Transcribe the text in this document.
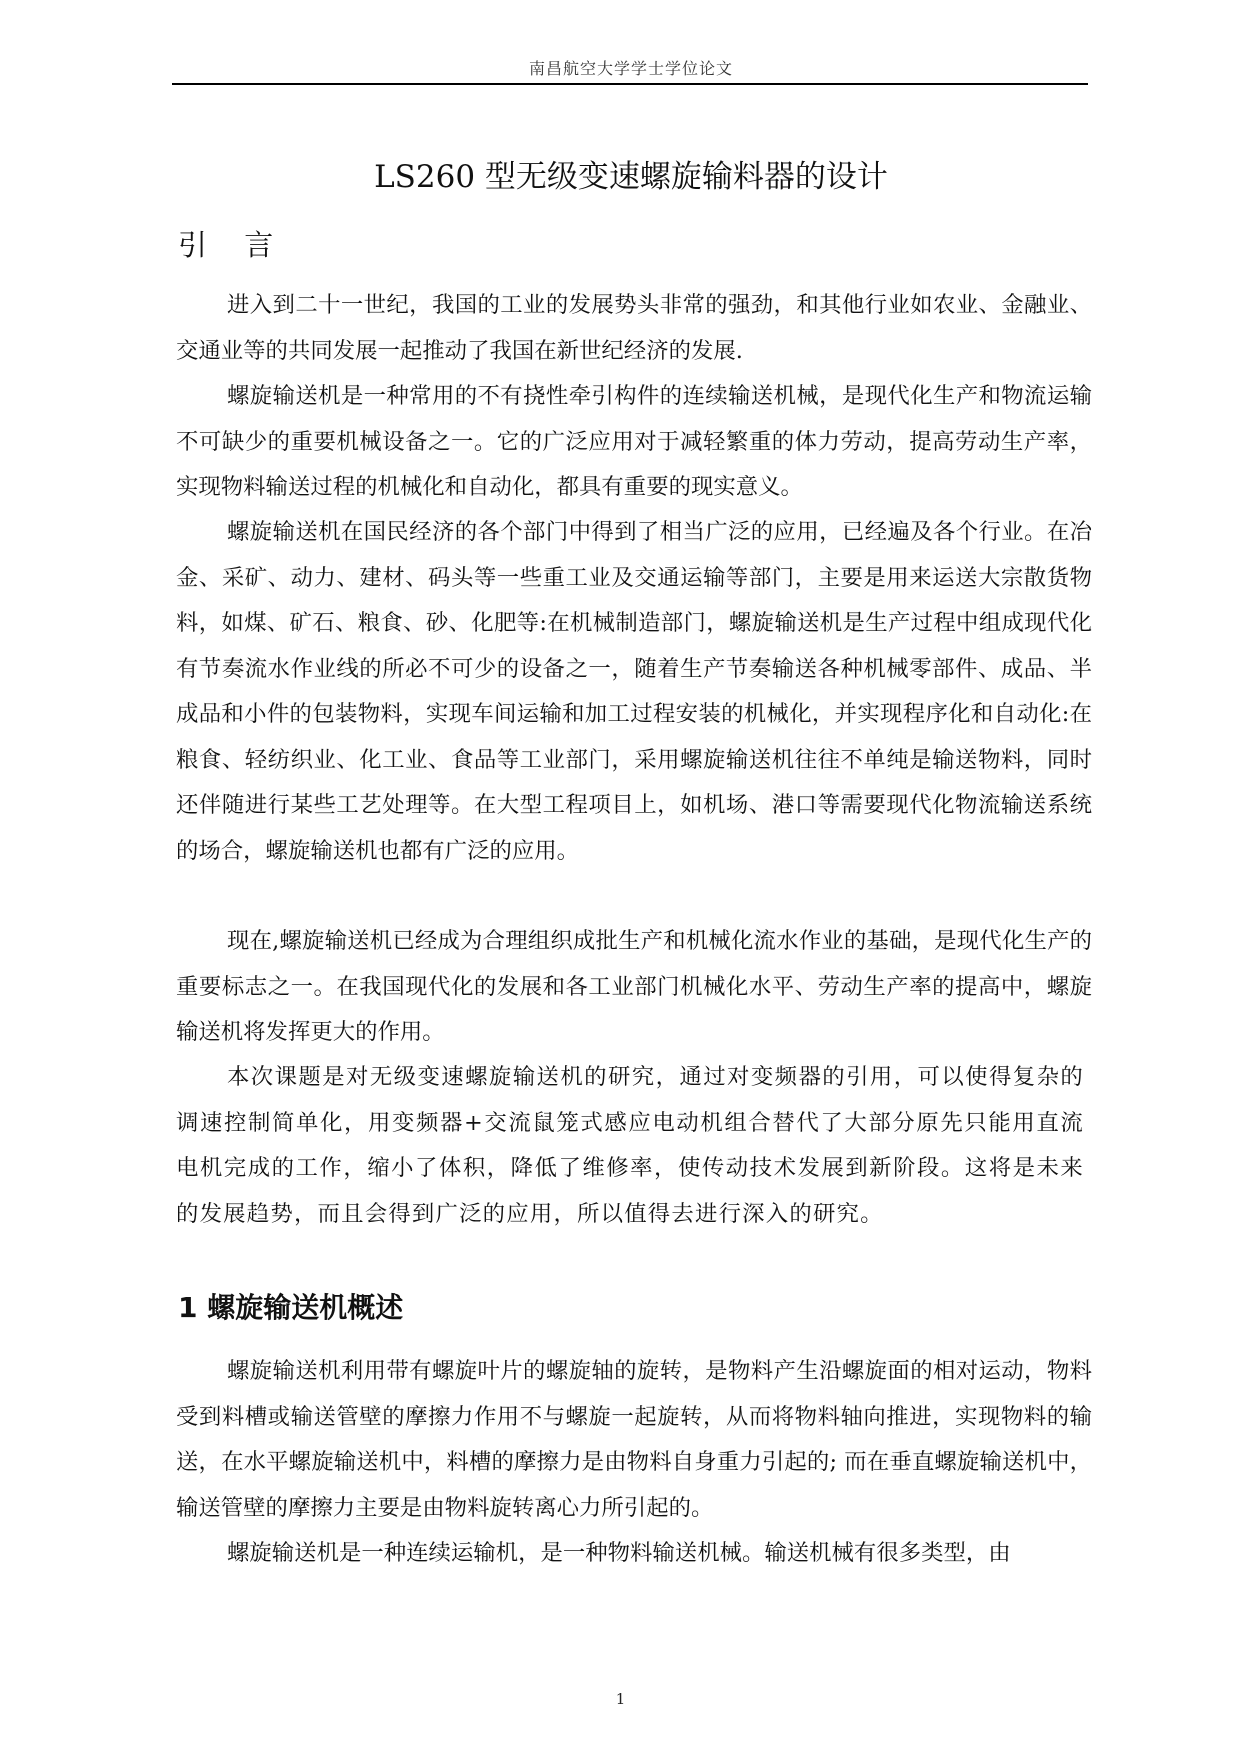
南昌航空大学学士学位论文
LS260 型无级变速螺旋输料器的设计
引 言

进入到二十一世纪，我国的工业的发展势头非常的强劲，和其他行业如农业、金融业、交通业等的共同发展一起推动了我国在新世纪经济的发展.

螺旋输送机是一种常用的不有挠性牵引构件的连续输送机械，是现代化生产和物流运输不可缺少的重要机械设备之一。它的广泛应用对于减轻繁重的体力劳动，提高劳动生产率，实现物料输送过程的机械化和自动化，都具有重要的现实意义。

螺旋输送机在国民经济的各个部门中得到了相当广泛的应用，已经遍及各个行业。在冶金、采矿、动力、建材、码头等一些重工业及交通运输等部门，主要是用来运送大宗散货物料，如煤、矿石、粮食、砂、化肥等:在机械制造部门，螺旋输送机是生产过程中组成现代化有节奏流水作业线的所必不可少的设备之一，随着生产节奏输送各种机械零部件、成品、半成品和小件的包装物料，实现车间运输和加工过程安装的机械化，并实现程序化和自动化:在粮食、轻纺织业、化工业、食品等工业部门，采用螺旋输送机往往不单纯是输送物料，同时还伴随进行某些工艺处理等。在大型工程项目上，如机场、港口等需要现代化物流输送系统的场合，螺旋输送机也都有广泛的应用。

现在,螺旋输送机已经成为合理组织成批生产和机械化流水作业的基础，是现代化生产的重要标志之一。在我国现代化的发展和各工业部门机械化水平、劳动生产率的提高中，螺旋输送机将发挥更大的作用。

本次课题是对无级变速螺旋输送机的研究，通过对变频器的引用，可以使得复杂的调速控制简单化，用变频器+交流鼠笼式感应电动机组合替代了大部分原先只能用直流电机完成的工作，缩小了体积，降低了维修率，使传动技术发展到新阶段。这将是未来的发展趋势，而且会得到广泛的应用，所以值得去进行深入的研究。

1 螺旋输送机概述

螺旋输送机利用带有螺旋叶片的螺旋轴的旋转，是物料产生沿螺旋面的相对运动，物料受到料槽或输送管壁的摩擦力作用不与螺旋一起旋转，从而将物料轴向推进，实现物料的输送，在水平螺旋输送机中，料槽的摩擦力是由物料自身重力引起的; 而在垂直螺旋输送机中，输送管壁的摩擦力主要是由物料旋转离心力所引起的。

螺旋输送机是一种连续运输机，是一种物料输送机械。输送机械有很多类型，由

1
